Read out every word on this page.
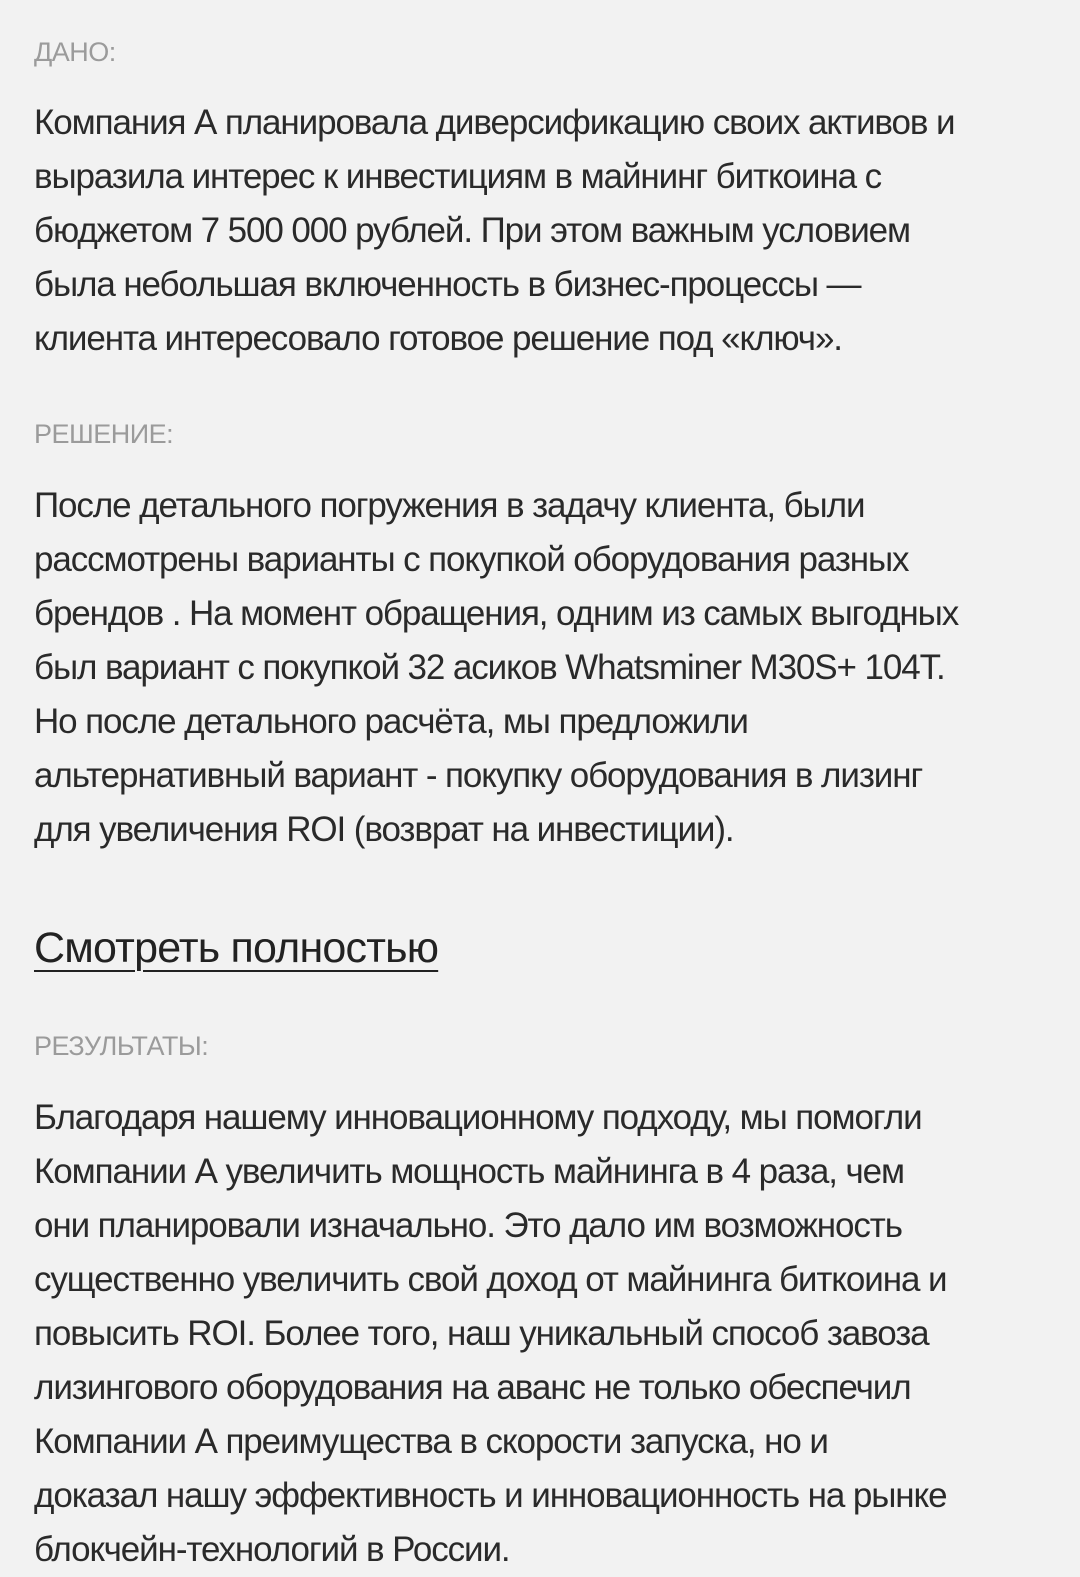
ДАНО:

Компания А планировала диверсификацию своих активов и
выразила интерес к инвестициям в майнинг биткоина с
бюджетом 7 500 000 рублей. При этом важным условием
была небольшая включенность в бизнес-процессы —
клиента интересовало готовое решение под «ключ».

РЕШЕНИЕ:

После детального погружения в задачу клиента, были
рассмотрены варианты с покупкой оборудования разных
брендов . На момент обращения, одним из самых выгодных
был вариант с покупкой 32 асиков Whatsminer M30S+ 104T.
Но после детального расчёта, мы предложили
альтернативный вариант - покупку оборудования в лизинг
для увеличения ROI (возврат на инвестиции).

Смотреть полностью

РЕЗУЛЬТАТЫ:

Благодаря нашему инновационному подходу, мы помогли
Компании А увеличить мощность майнинга в 4 раза, чем
они планировали изначально. Это дало им возможность
существенно увеличить свой доход от майнинга биткоина и
повысить ROI. Более того, наш уникальный способ завоза
лизингового оборудования на аванс не только обеспечил
Компании А преимущества в скорости запуска, но и
доказал нашу эффективность и инновационность на рынке
блокчейн-технологий в России.
